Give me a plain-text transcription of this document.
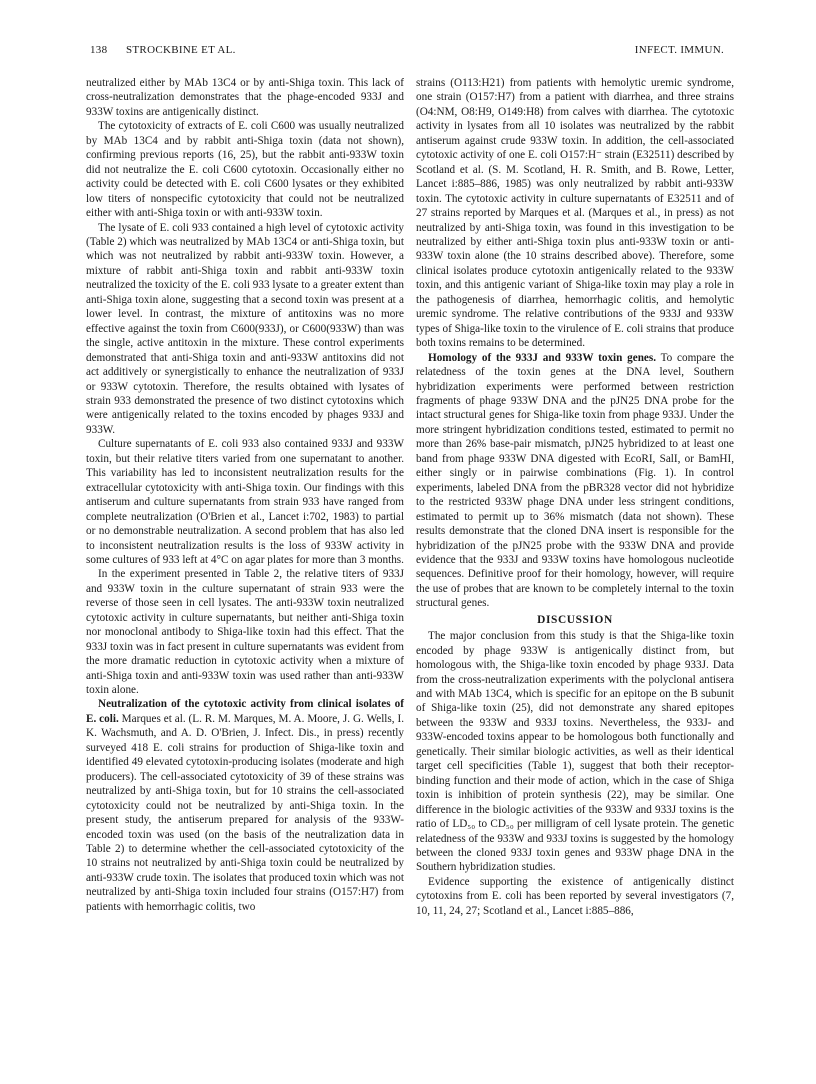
138 STROCKBINE ET AL.	INFECT. IMMUN.

neutralized either by MAb 13C4 or by anti-Shiga toxin. This lack of cross-neutralization demonstrates that the phage-encoded 933J and 933W toxins are antigenically distinct.

The cytotoxicity of extracts of E. coli C600 was usually neutralized by MAb 13C4 and by rabbit anti-Shiga toxin (data not shown), confirming previous reports (16, 25), but the rabbit anti-933W toxin did not neutralize the E. coli C600 cytotoxin. Occasionally either no activity could be detected with E. coli C600 lysates or they exhibited low titers of nonspecific cytotoxicity that could not be neutralized either with anti-Shiga toxin or with anti-933W toxin.

The lysate of E. coli 933 contained a high level of cytotoxic activity (Table 2) which was neutralized by MAb 13C4 or anti-Shiga toxin, but which was not neutralized by rabbit anti-933W toxin. However, a mixture of rabbit anti-Shiga toxin and rabbit anti-933W toxin neutralized the toxicity of the E. coli 933 lysate to a greater extent than anti-Shiga toxin alone, suggesting that a second toxin was present at a lower level. In contrast, the mixture of antitoxins was no more effective against the toxin from C600(933J), or C600(933W) than was the single, active antitoxin in the mixture. These control experiments demonstrated that anti-Shiga toxin and anti-933W antitoxins did not act additively or synergistically to enhance the neutralization of 933J or 933W cytotoxin. Therefore, the results obtained with lysates of strain 933 demonstrated the presence of two distinct cytotoxins which were antigenically related to the toxins encoded by phages 933J and 933W.

Culture supernatants of E. coli 933 also contained 933J and 933W toxin, but their relative titers varied from one supernatant to another. This variability has led to inconsistent neutralization results for the extracellular cytotoxicity with anti-Shiga toxin. Our findings with this antiserum and culture supernatants from strain 933 have ranged from complete neutralization (O'Brien et al., Lancet i:702, 1983) to partial or no demonstrable neutralization. A second problem that has also led to inconsistent neutralization results is the loss of 933W activity in some cultures of 933 left at 4°C on agar plates for more than 3 months.

In the experiment presented in Table 2, the relative titers of 933J and 933W toxin in the culture supernatant of strain 933 were the reverse of those seen in cell lysates. The anti-933W toxin neutralized cytotoxic activity in culture supernatants, but neither anti-Shiga toxin nor monoclonal antibody to Shiga-like toxin had this effect. That the 933J toxin was in fact present in culture supernatants was evident from the more dramatic reduction in cytotoxic activity when a mixture of anti-Shiga toxin and anti-933W toxin was used rather than anti-933W toxin alone.

Neutralization of the cytotoxic activity from clinical isolates of E. coli. Marques et al. (L. R. M. Marques, M. A. Moore, J. G. Wells, I. K. Wachsmuth, and A. D. O'Brien, J. Infect. Dis., in press) recently surveyed 418 E. coli strains for production of Shiga-like toxin and identified 49 elevated cytotoxin-producing isolates (moderate and high producers). The cell-associated cytotoxicity of 39 of these strains was neutralized by anti-Shiga toxin, but for 10 strains the cell-associated cytotoxicity could not be neutralized by anti-Shiga toxin. In the present study, the antiserum prepared for analysis of the 933W-encoded toxin was used (on the basis of the neutralization data in Table 2) to determine whether the cell-associated cytotoxicity of the 10 strains not neutralized by anti-Shiga toxin could be neutralized by anti-933W crude toxin. The isolates that produced toxin which was not neutralized by anti-Shiga toxin included four strains (O157:H7) from patients with hemorrhagic colitis, two

strains (O113:H21) from patients with hemolytic uremic syndrome, one strain (O157:H7) from a patient with diarrhea, and three strains (O4:NM, O8:H9, O149:H8) from calves with diarrhea. The cytotoxic activity in lysates from all 10 isolates was neutralized by the rabbit antiserum against crude 933W toxin. In addition, the cell-associated cytotoxic activity of one E. coli O157:H⁻ strain (E32511) described by Scotland et al. (S. M. Scotland, H. R. Smith, and B. Rowe, Letter, Lancet i:885–886, 1985) was only neutralized by rabbit anti-933W toxin. The cytotoxic activity in culture supernatants of E32511 and of 27 strains reported by Marques et al. (Marques et al., in press) as not neutralized by anti-Shiga toxin, was found in this investigation to be neutralized by either anti-Shiga toxin plus anti-933W toxin or anti-933W toxin alone (the 10 strains described above). Therefore, some clinical isolates produce cytotoxin antigenically related to the 933W toxin, and this antigenic variant of Shiga-like toxin may play a role in the pathogenesis of diarrhea, hemorrhagic colitis, and hemolytic uremic syndrome. The relative contributions of the 933J and 933W types of Shiga-like toxin to the virulence of E. coli strains that produce both toxins remains to be determined.

Homology of the 933J and 933W toxin genes. To compare the relatedness of the toxin genes at the DNA level, Southern hybridization experiments were performed between restriction fragments of phage 933W DNA and the pJN25 DNA probe for the intact structural genes for Shiga-like toxin from phage 933J. Under the more stringent hybridization conditions tested, estimated to permit no more than 26% base-pair mismatch, pJN25 hybridized to at least one band from phage 933W DNA digested with EcoRI, SalI, or BamHI, either singly or in pairwise combinations (Fig. 1). In control experiments, labeled DNA from the pBR328 vector did not hybridize to the restricted 933W phage DNA under less stringent conditions, estimated to permit up to 36% mismatch (data not shown). These results demonstrate that the cloned DNA insert is responsible for the hybridization of the pJN25 probe with the 933W DNA and provide evidence that the 933J and 933W toxins have homologous nucleotide sequences. Definitive proof for their homology, however, will require the use of probes that are known to be completely internal to the toxin structural genes.

DISCUSSION

The major conclusion from this study is that the Shiga-like toxin encoded by phage 933W is antigenically distinct from, but homologous with, the Shiga-like toxin encoded by phage 933J. Data from the cross-neutralization experiments with the polyclonal antisera and with MAb 13C4, which is specific for an epitope on the B subunit of Shiga-like toxin (25), did not demonstrate any shared epitopes between the 933W and 933J toxins. Nevertheless, the 933J- and 933W-encoded toxins appear to be homologous both functionally and genetically. Their similar biologic activities, as well as their identical target cell specificities (Table 1), suggest that both their receptor-binding function and their mode of action, which in the case of Shiga toxin is inhibition of protein synthesis (22), may be similar. One difference in the biologic activities of the 933W and 933J toxins is the ratio of LD₅₀ to CD₅₀ per milligram of cell lysate protein. The genetic relatedness of the 933W and 933J toxins is suggested by the homology between the cloned 933J toxin genes and 933W phage DNA in the Southern hybridization studies.

Evidence supporting the existence of antigenically distinct cytotoxins from E. coli has been reported by several investigators (7, 10, 11, 24, 27; Scotland et al., Lancet i:885–886,
